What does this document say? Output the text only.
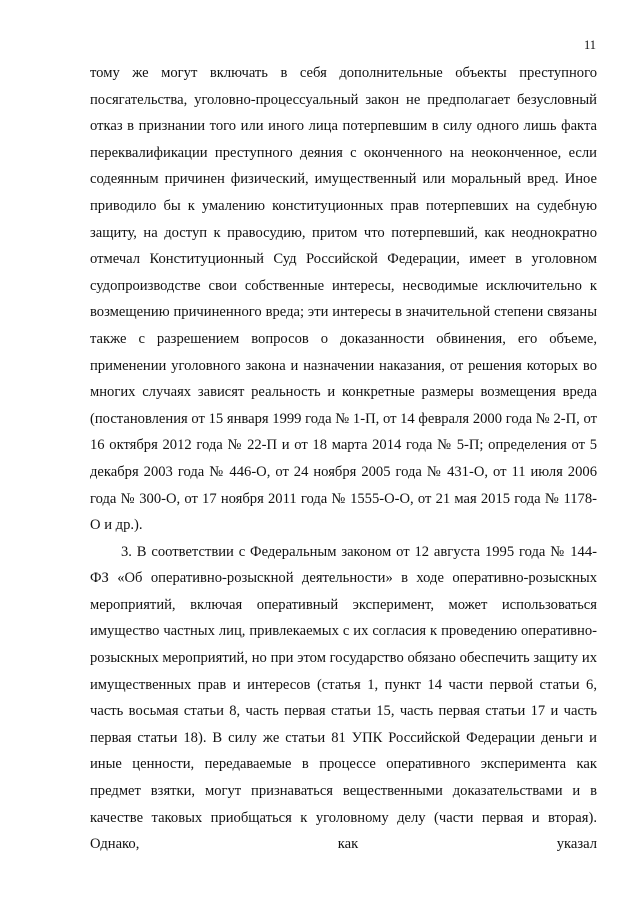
11

тому же могут включать в себя дополнительные объекты преступного посягательства, уголовно-процессуальный закон не предполагает безусловный отказ в признании того или иного лица потерпевшим в силу одного лишь факта переквалификации преступного деяния с оконченного на неоконченное, если содеянным причинен физический, имущественный или моральный вред. Иное приводило бы к умалению конституционных прав потерпевших на судебную защиту, на доступ к правосудию, притом что потерпевший, как неоднократно отмечал Конституционный Суд Российской Федерации, имеет в уголовном судопроизводстве свои собственные интересы, несводимые исключительно к возмещению причиненного вреда; эти интересы в значительной степени связаны также с разрешением вопросов о доказанности обвинения, его объеме, применении уголовного закона и назначении наказания, от решения которых во многих случаях зависят реальность и конкретные размеры возмещения вреда (постановления от 15 января 1999 года № 1-П, от 14 февраля 2000 года № 2-П, от 16 октября 2012 года № 22-П и от 18 марта 2014 года № 5-П; определения от 5 декабря 2003 года № 446-О, от 24 ноября 2005 года № 431-О, от 11 июля 2006 года № 300-О, от 17 ноября 2011 года № 1555-О-О, от 21 мая 2015 года № 1178-О и др.).

3. В соответствии с Федеральным законом от 12 августа 1995 года № 144-ФЗ «Об оперативно-розыскной деятельности» в ходе оперативно-розыскных мероприятий, включая оперативный эксперимент, может использоваться имущество частных лиц, привлекаемых с их согласия к проведению оперативно-розыскных мероприятий, но при этом государство обязано обеспечить защиту их имущественных прав и интересов (статья 1, пункт 14 части первой статьи 6, часть восьмая статьи 8, часть первая статьи 15, часть первая статьи 17 и часть первая статьи 18). В силу же статьи 81 УПК Российской Федерации деньги и иные ценности, передаваемые в процессе оперативного эксперимента как предмет взятки, могут признаваться вещественными доказательствами и в качестве таковых приобщаться к уголовному делу (части первая и вторая). Однако, как указал
